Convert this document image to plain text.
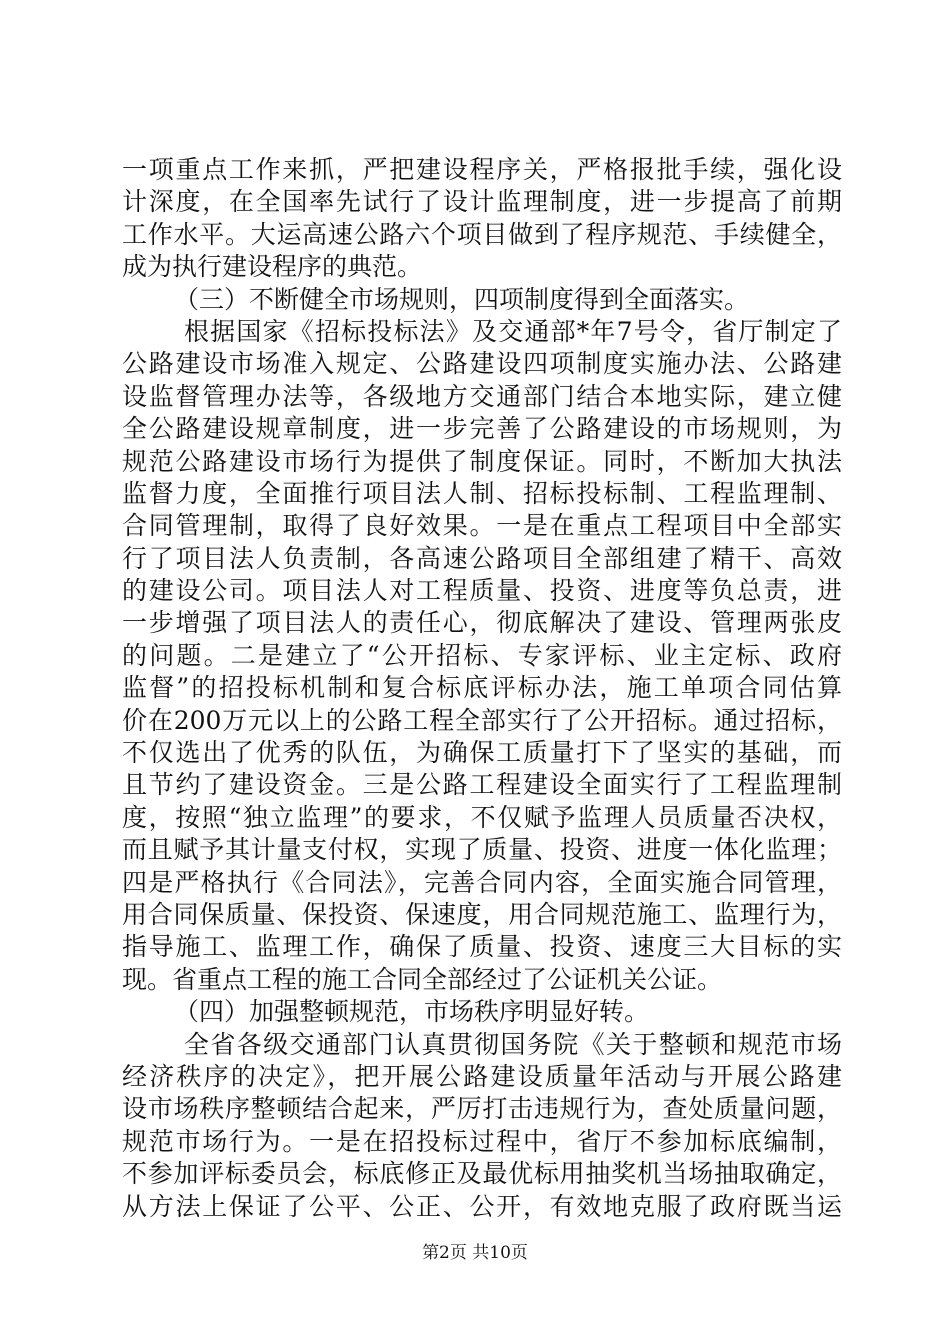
一项重点工作来抓，严把建设程序关，严格报批手续，强化设
计深度，在全国率先试行了设计监理制度，进一步提高了前期
工作水平。大运高速公路六个项目做到了程序规范、手续健全，
成为执行建设程序的典范。
（三）不断健全市场规则，四项制度得到全面落实。
根据国家《招标投标法》及交通部*年7号令，省厅制定了
公路建设市场准入规定、公路建设四项制度实施办法、公路建
设监督管理办法等，各级地方交通部门结合本地实际，建立健
全公路建设规章制度，进一步完善了公路建设的市场规则，为
规范公路建设市场行为提供了制度保证。同时，不断加大执法
监督力度，全面推行项目法人制、招标投标制、工程监理制、
合同管理制，取得了良好效果。一是在重点工程项目中全部实
行了项目法人负责制，各高速公路项目全部组建了精干、高效
的建设公司。项目法人对工程质量、投资、进度等负总责，进
一步增强了项目法人的责任心，彻底解决了建设、管理两张皮
的问题。二是建立了“公开招标、专家评标、业主定标、政府
监督”的招投标机制和复合标底评标办法，施工单项合同估算
价在200万元以上的公路工程全部实行了公开招标。通过招标，
不仅选出了优秀的队伍，为确保工质量打下了坚实的基础，而
且节约了建设资金。三是公路工程建设全面实行了工程监理制
度，按照“独立监理”的要求，不仅赋予监理人员质量否决权，
而且赋予其计量支付权，实现了质量、投资、进度一体化监理；
四是严格执行《合同法》，完善合同内容，全面实施合同管理，
用合同保质量、保投资、保速度，用合同规范施工、监理行为，
指导施工、监理工作，确保了质量、投资、速度三大目标的实
现。省重点工程的施工合同全部经过了公证机关公证。
（四）加强整顿规范，市场秩序明显好转。
全省各级交通部门认真贯彻国务院《关于整顿和规范市场
经济秩序的决定》，把开展公路建设质量年活动与开展公路建
设市场秩序整顿结合起来，严厉打击违规行为，查处质量问题，
规范市场行为。一是在招投标过程中，省厅不参加标底编制，
不参加评标委员会，标底修正及最优标用抽奖机当场抽取确定，
从方法上保证了公平、公正、公开，有效地克服了政府既当运
第2页 共10页
